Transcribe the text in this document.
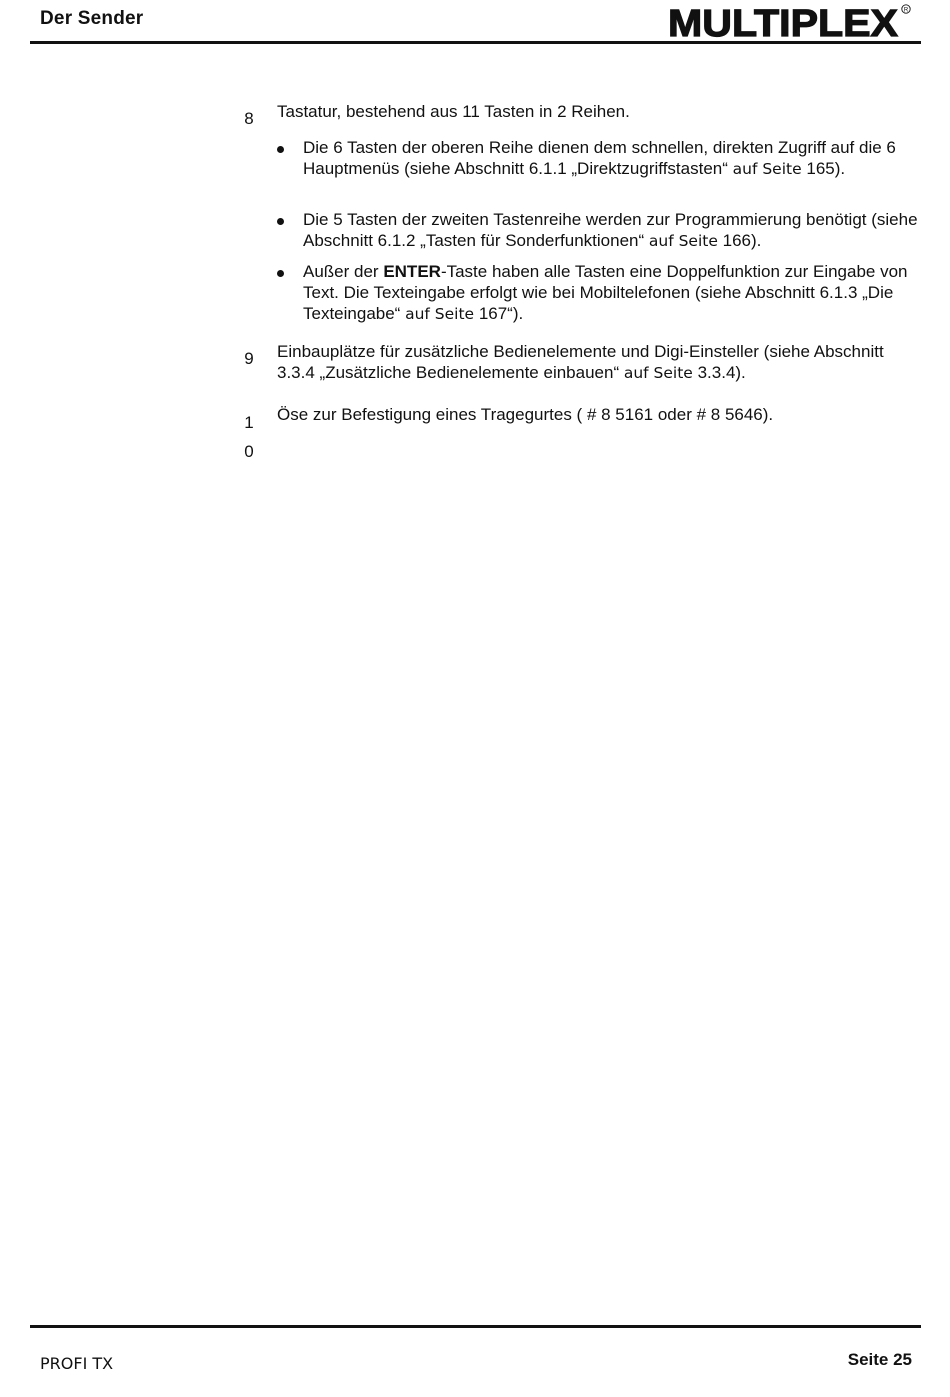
Der Sender	MULTIPLEX R
8 Tastatur, bestehend aus 11 Tasten in 2 Reihen.
Die 6 Tasten der oberen Reihe dienen dem schnellen, direkten Zugriff auf die 6 Hauptmenüs (siehe Abschnitt 6.1.1 „Direktzugriffstasten“ auf Seite 165).
Die 5 Tasten der zweiten Tastenreihe werden zur Programmierung benötigt (siehe Abschnitt 6.1.2 „Tasten für Sonderfunktionen“ auf Seite 166).
Außer der ENTER-Taste haben alle Tasten eine Doppelfunktion zur Eingabe von Text. Die Texteingabe erfolgt wie bei Mobiltelefonen (siehe Abschnitt 6.1.3 „Die Texteingabe“ auf Seite 167“).
9 Einbauplätze für zusätzliche Bedienelemente und Digi-Einsteller (siehe Abschnitt 3.3.4 „Zusätzliche Bedienelemente einbauen“ auf Seite 3.3.4).
1
0
Öse zur Befestigung eines Tragegurtes ( # 8 5161 oder # 8 5646).
PROFI TX	Seite 25
